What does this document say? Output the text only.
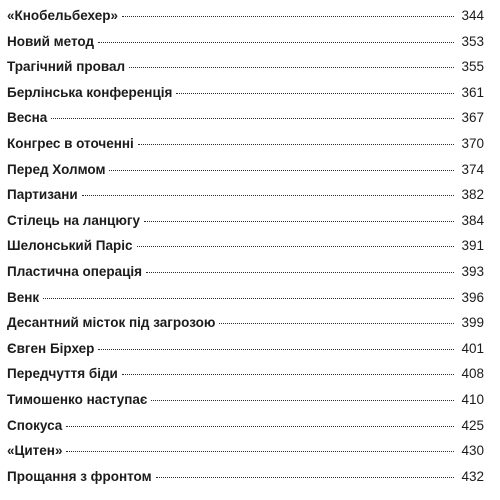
«Кнобельбехер»	344
Новий метод	353
Трагічний провал	355
Берлінська конференція	361
Весна	367
Конгрес в оточенні	370
Перед Холмом	374
Партизани	382
Стілець на ланцюгу	384
Шелонський Паріс	391
Пластична операція	393
Венк	396
Десантний місток під загрозою	399
Євген Бірхер	401
Передчуття біди	408
Тимошенко наступає	410
Спокуса	425
«Цитен»	430
Прощання з фронтом	432
